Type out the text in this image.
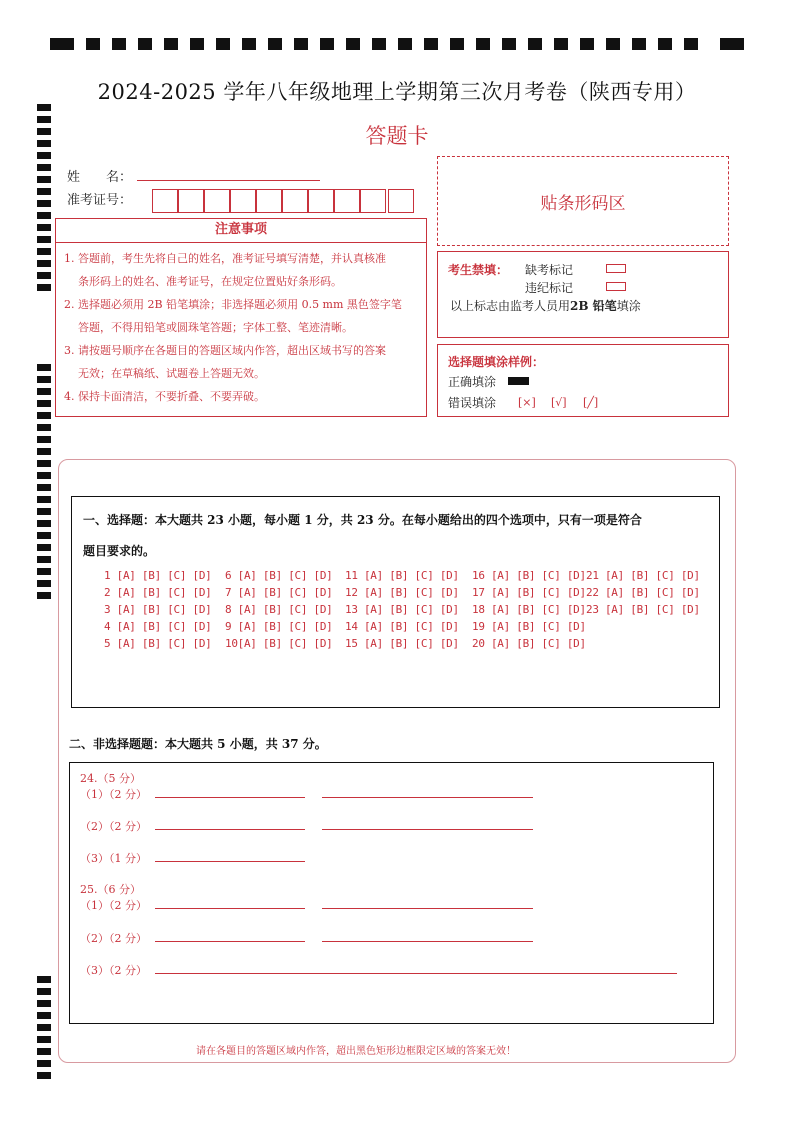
2024-2025 学年八年级地理上学期第三次月考卷（陕西专用）
答题卡
姓　　名：
准考证号：	贴条形码区
注意事项
1. 答题前，考生先将自己的姓名，准考证号填写清楚，并认真核准
条形码上的姓名、准考证号，在规定位置贴好条形码。
2. 选择题必须用 2B 铅笔填涂；非选择题必须用 0.5 mm 黑色签字笔
答题，不得用铅笔或圆珠笔答题；字体工整、笔迹清晰。
3. 请按题号顺序在各题目的答题区域内作答，超出区域书写的答案
无效；在草稿纸、试题卷上答题无效。
4. 保持卡面清洁，不要折叠、不要弄破。
考生禁填： 缺考标记
违纪标记
以上标志由监考人员用2B 铅笔填涂
选择题填涂样例：
正确填涂
错误填涂 [×] [√] [╱]
一、选择题：本大题共 23 小题，每小题 1 分，共 23 分。在每小题给出的四个选项中，只有一项是符合
题目要求的。
1 [A] [B] [C] [D]
2 [A] [B] [C] [D]
3 [A] [B] [C] [D]
4 [A] [B] [C] [D]
5 [A] [B] [C] [D]
6 [A] [B] [C] [D]
7 [A] [B] [C] [D]
8 [A] [B] [C] [D]
9 [A] [B] [C] [D]
10[A] [B] [C] [D]
11 [A] [B] [C] [D]
12 [A] [B] [C] [D]
13 [A] [B] [C] [D]
14 [A] [B] [C] [D]
15 [A] [B] [C] [D]
16 [A] [B] [C] [D]
17 [A] [B] [C] [D]
18 [A] [B] [C] [D]
19 [A] [B] [C] [D]
20 [A] [B] [C] [D]
21 [A] [B] [C] [D]
22 [A] [B] [C] [D]
23 [A] [B] [C] [D]
二、非选择题题：本大题共 5 小题，共 37 分。
24.（5 分）
（1）（2 分）
（2）（2 分）
（3）（1 分）
25.（6 分）
（1）（2 分）
（2）（2 分）
（3）（2 分）
请在各题目的答题区域内作答，超出黑色矩形边框限定区域的答案无效！
